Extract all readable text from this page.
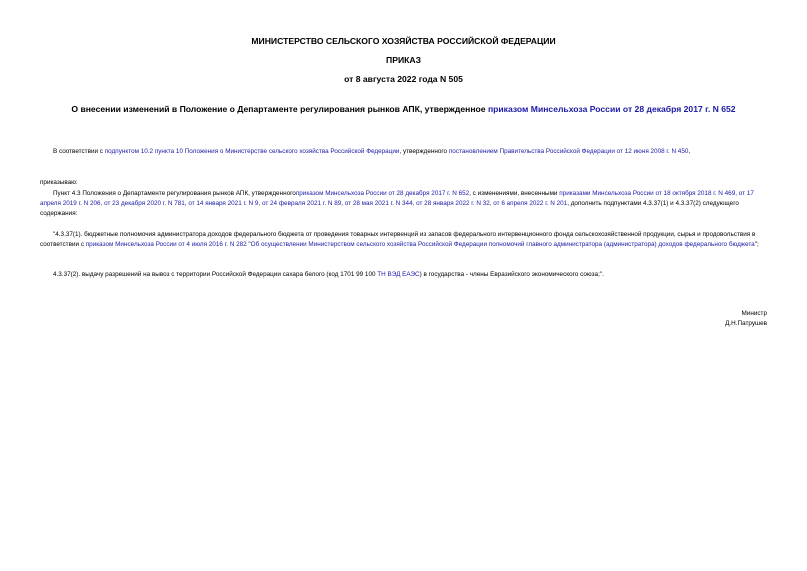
МИНИСТЕРСТВО СЕЛЬСКОГО ХОЗЯЙСТВА РОССИЙСКОЙ ФЕДЕРАЦИИ
ПРИКАЗ
от 8 августа 2022 года N 505
О внесении изменений в Положение о Департаменте регулирования рынков АПК, утвержденное приказом Минсельхоза России от 28 декабря 2017 г. N 652
В соответствии с подпунктом 10.2 пункта 10 Положения о Министерстве сельского хозяйства Российской Федерации, утвержденного постановлением Правительства Российской Федерации от 12 июня 2008 г. N 450,
приказываю:
Пункт 4.3 Положения о Департаменте регулирования рынков АПК, утвержденногоприказом Минсельхоза России от 28 декабря 2017 г. N 652, с изменениями, внесенными приказами Минсельхоза России от 18 октября 2018 г. N 469, от 17 апреля 2019 г. N 206, от 23 декабря 2020 г. N 781, от 14 января 2021 г. N 9, от 24 февраля 2021 г. N 89, от 28 мая 2021 г. N 344, от 28 января 2022 г. N 32, от 6 апреля 2022 г. N 201, дополнить подпунктами 4.3.37(1) и 4.3.37(2) следующего содержания:
"4.3.37(1). бюджетные полномочия администратора доходов федерального бюджета от проведения товарных интервенций из запасов федерального интервенционного фонда сельскохозяйственной продукции, сырья и продовольствия в соответствии с приказом Минсельхоза России от 4 июля 2016 г. N 282 "Об осуществлении Министерством сельского хозяйства Российской Федерации полномочий главного администратора (администратора) доходов федерального бюджета";
4.3.37(2). выдачу разрешений на вывоз с территории Российской Федерации сахара белого (код 1701 99 100 ТН ВЭД ЕАЭС) в государства - члены Евразийского экономического союза;".
Министр
Д.Н.Патрушев
